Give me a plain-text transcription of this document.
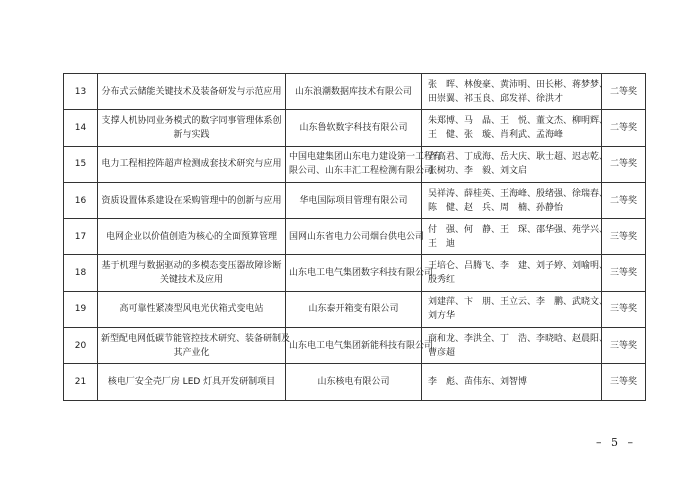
13	分布式云储能关键技术及装备研发与示范应用	山东浪潮数据库技术有限公司	张　晖、林俊豪、黄沛明、田长彬、蒋梦梦、
田崇翼、祁玉良、邱发祥、徐洪才	二等奖
14	支撑人机协同业务模式的数字同事管理体系创
新与实践	山东鲁软数字科技有限公司	朱郑博、马　晶、王　悦、董文杰、柳明辉、
王　健、张　璇、肖利武、孟海峰	二等奖
15	电力工程相控阵超声检测成套技术研究与应用	中国电建集团山东电力建设第一工程有
限公司、山东丰汇工程检测有限公司	齐高君、丁成海、岳大庆、耿士超、迟志乾、
张树功、李　毅、刘文启	二等奖
16	资质设置体系建设在采购管理中的创新与应用	华电国际项目管理有限公司	吴祥涛、薛桂英、王海峰、殷绪强、徐瑞春、
陈　健、赵　兵、周　楠、孙静怡	二等奖
17	电网企业以价值创造为核心的全面预算管理	国网山东省电力公司烟台供电公司	付　强、何　静、王　琛、邵华强、苑学兴、
王　迪	三等奖
18	基于机理与数据驱动的多模态变压器故障诊断
关键技术及应用	山东电工电气集团数字科技有限公司	王培仑、吕腾飞、李　建、刘子婷、刘喻明、
殷秀红	三等奖
19	高可靠性紧凑型风电光伏箱式变电站	山东泰开箱变有限公司	刘建萍、卞　朋、王立云、李　鹏、武晓文、
刘方华	三等奖
20	新型配电网低碳节能管控技术研究、装备研制及
其产业化	山东电工电气集团新能科技有限公司	商和龙、李洪全、丁　浩、李晓晗、赵晨阳、
曹彦超	三等奖
21	核电厂安全壳厂房 LED 灯具开发研制项目	山东核电有限公司	李　彪、苗伟东、刘智博	三等奖
– 5 –
